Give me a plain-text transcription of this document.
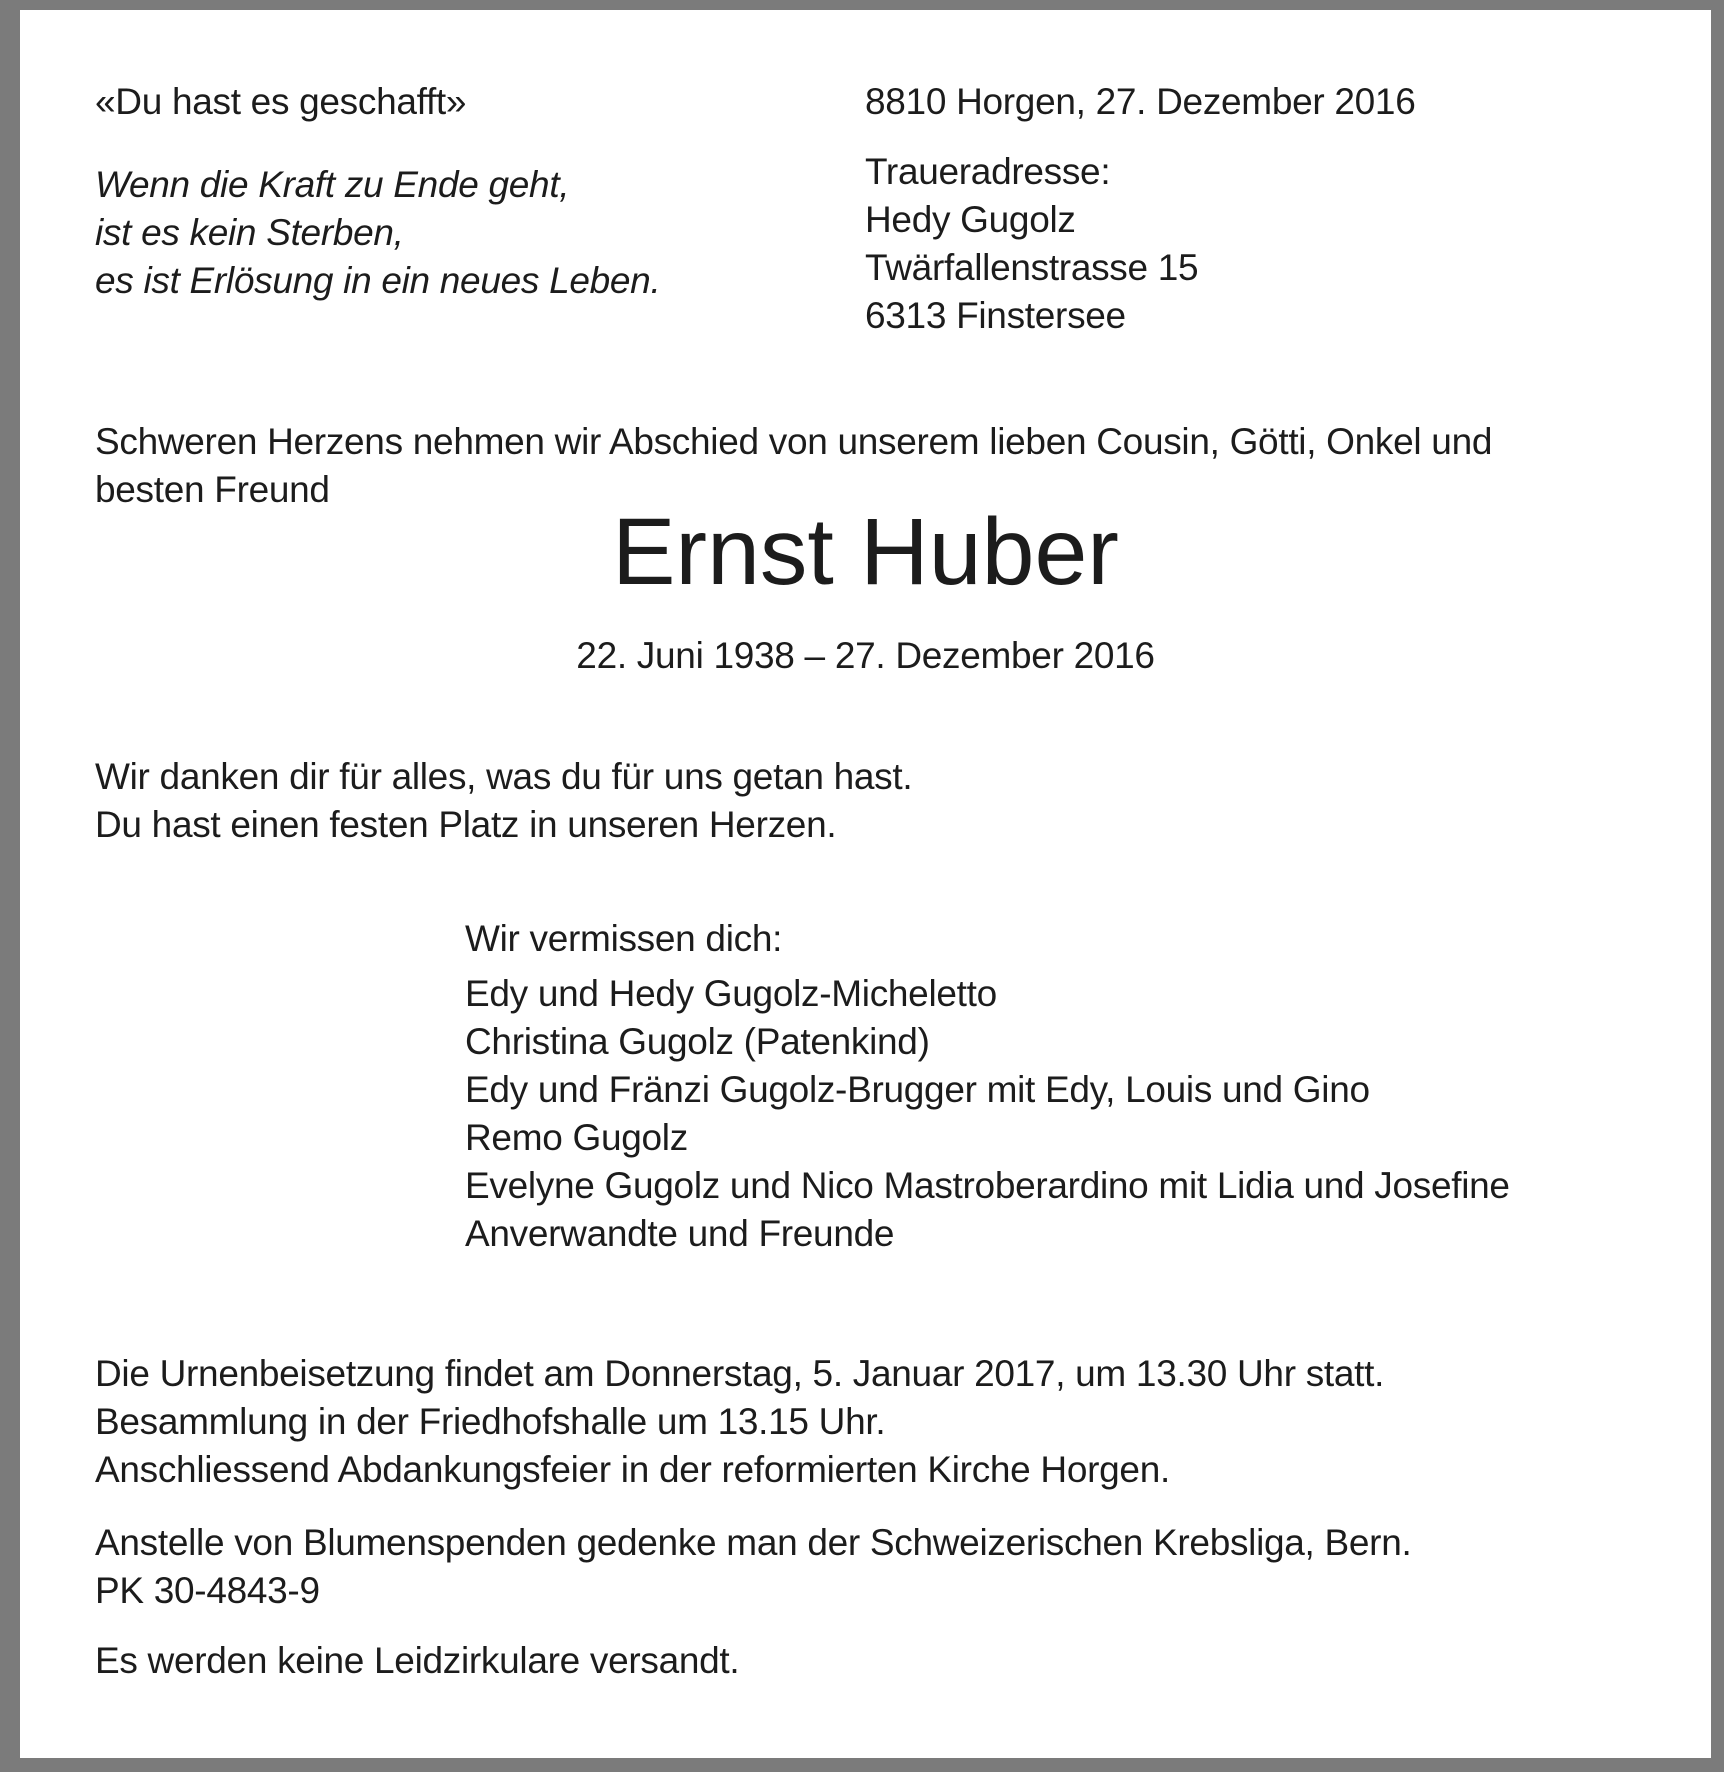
«Du hast es geschafft»
Wenn die Kraft zu Ende geht,
ist es kein Sterben,
es ist Erlösung in ein neues Leben.
8810 Horgen, 27. Dezember 2016
Traueradresse:
Hedy Gugolz
Twärfallenstrasse 15
6313 Finstersee
Schweren Herzens nehmen wir Abschied von unserem lieben Cousin, Götti, Onkel und
besten Freund
Ernst Huber
22. Juni 1938 – 27. Dezember 2016
Wir danken dir für alles, was du für uns getan hast.
Du hast einen festen Platz in unseren Herzen.
Wir vermissen dich:
Edy und Hedy Gugolz-Micheletto
Christina Gugolz (Patenkind)
Edy und Fränzi Gugolz-Brugger mit Edy, Louis und Gino
Remo Gugolz
Evelyne Gugolz und Nico Mastroberardino mit Lidia und Josefine
Anverwandte und Freunde
Die Urnenbeisetzung findet am Donnerstag, 5. Januar 2017, um 13.30 Uhr statt.
Besammlung in der Friedhofshalle um 13.15 Uhr.
Anschliessend Abdankungsfeier in der reformierten Kirche Horgen.
Anstelle von Blumenspenden gedenke man der Schweizerischen Krebsliga, Bern.
PK 30-4843-9
Es werden keine Leidzirkulare versandt.
